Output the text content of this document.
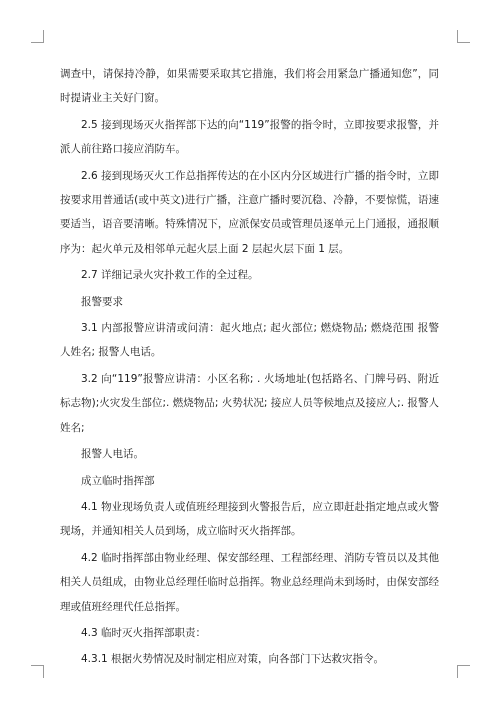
调查中，请保持冷静，如果需要采取其它措施，我们将会用紧急广播通知您”，同时提请业主关好门窗。

2.5 接到现场灭火指挥部下达的向“119”报警的指令时，立即按要求报警，并派人前往路口接应消防车。

2.6 接到现场灭火工作总指挥传达的在小区内分区域进行广播的指令时，立即按要求用普通话(或中英文)进行广播，注意广播时要沉稳、冷静，不要惊慌，语速要适当，语音要清晰。特殊情况下，应派保安员或管理员逐单元上门通报，通报顺序为：起火单元及相邻单元起火层上面 2 层起火层下面 1 层。

2.7 详细记录火灾扑救工作的全过程。

报警要求

3.1 内部报警应讲清或问清：起火地点; 起火部位; 燃烧物品; 燃烧范围 报警人姓名; 报警人电话。

3.2 向“119”报警应讲清：小区名称; . 火场地址(包括路名、门牌号码、附近标志物);火灾发生部位;. 燃烧物品; 火势状况; 接应人员等候地点及接应人;. 报警人姓名;

报警人电话。

成立临时指挥部

4.1 物业现场负责人或值班经理接到火警报告后，应立即赶赴指定地点或火警现场，并通知相关人员到场，成立临时灭火指挥部。

4.2 临时指挥部由物业经理、保安部经理、工程部经理、消防专管员以及其他相关人员组成，由物业总经理任临时总指挥。物业总经理尚未到场时，由保安部经理或值班经理代任总指挥。

4.3 临时灭火指挥部职责：

4.3.1 根据火势情况及时制定相应对策，向各部门下达救灾指令。
